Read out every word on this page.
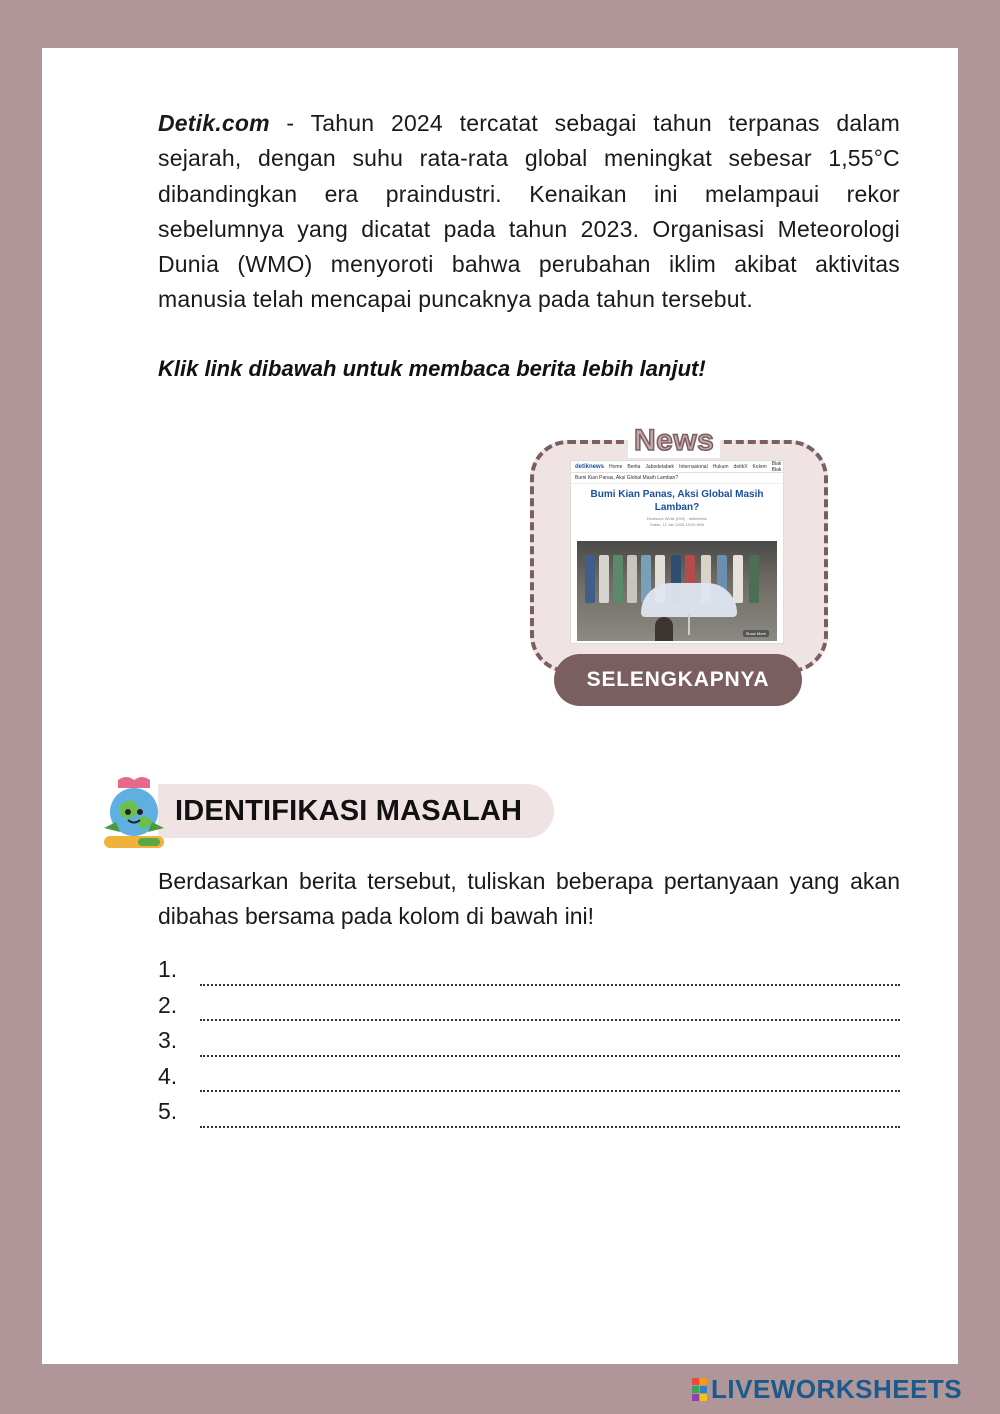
Detik.com - Tahun 2024 tercatat sebagai tahun terpanas dalam sejarah, dengan suhu rata-rata global meningkat sebesar 1,55°C dibandingkan era praindustri. Kenaikan ini melampaui rekor sebelumnya yang dicatat pada tahun 2023. Organisasi Meteorologi Dunia (WMO) menyoroti bahwa perubahan iklim akibat aktivitas manusia telah mencapai puncaknya pada tahun tersebut.

Klik link dibawah untuk membaca berita lebih lanjut!

News
detiknews Home Berita Jabodetabek Internasional Hukum detikX Kolom Blak Blak
Bumi Kian Panas, Aksi Global Masih Lamban?
Bumi Kian Panas, Aksi Global Masih Lamban?
Deutsche Welle (DW) - detikNews
Sabtu, 11 Jan 2025 19:00 WIB
Show More
SELENGKAPNYA
IDENTIFIKASI MASALAH

Berdasarkan berita tersebut, tuliskan beberapa pertanyaan yang akan dibahas bersama pada kolom di bawah ini!

1.
2.
3.
4.
5.
LIVEWORKSHEETS
